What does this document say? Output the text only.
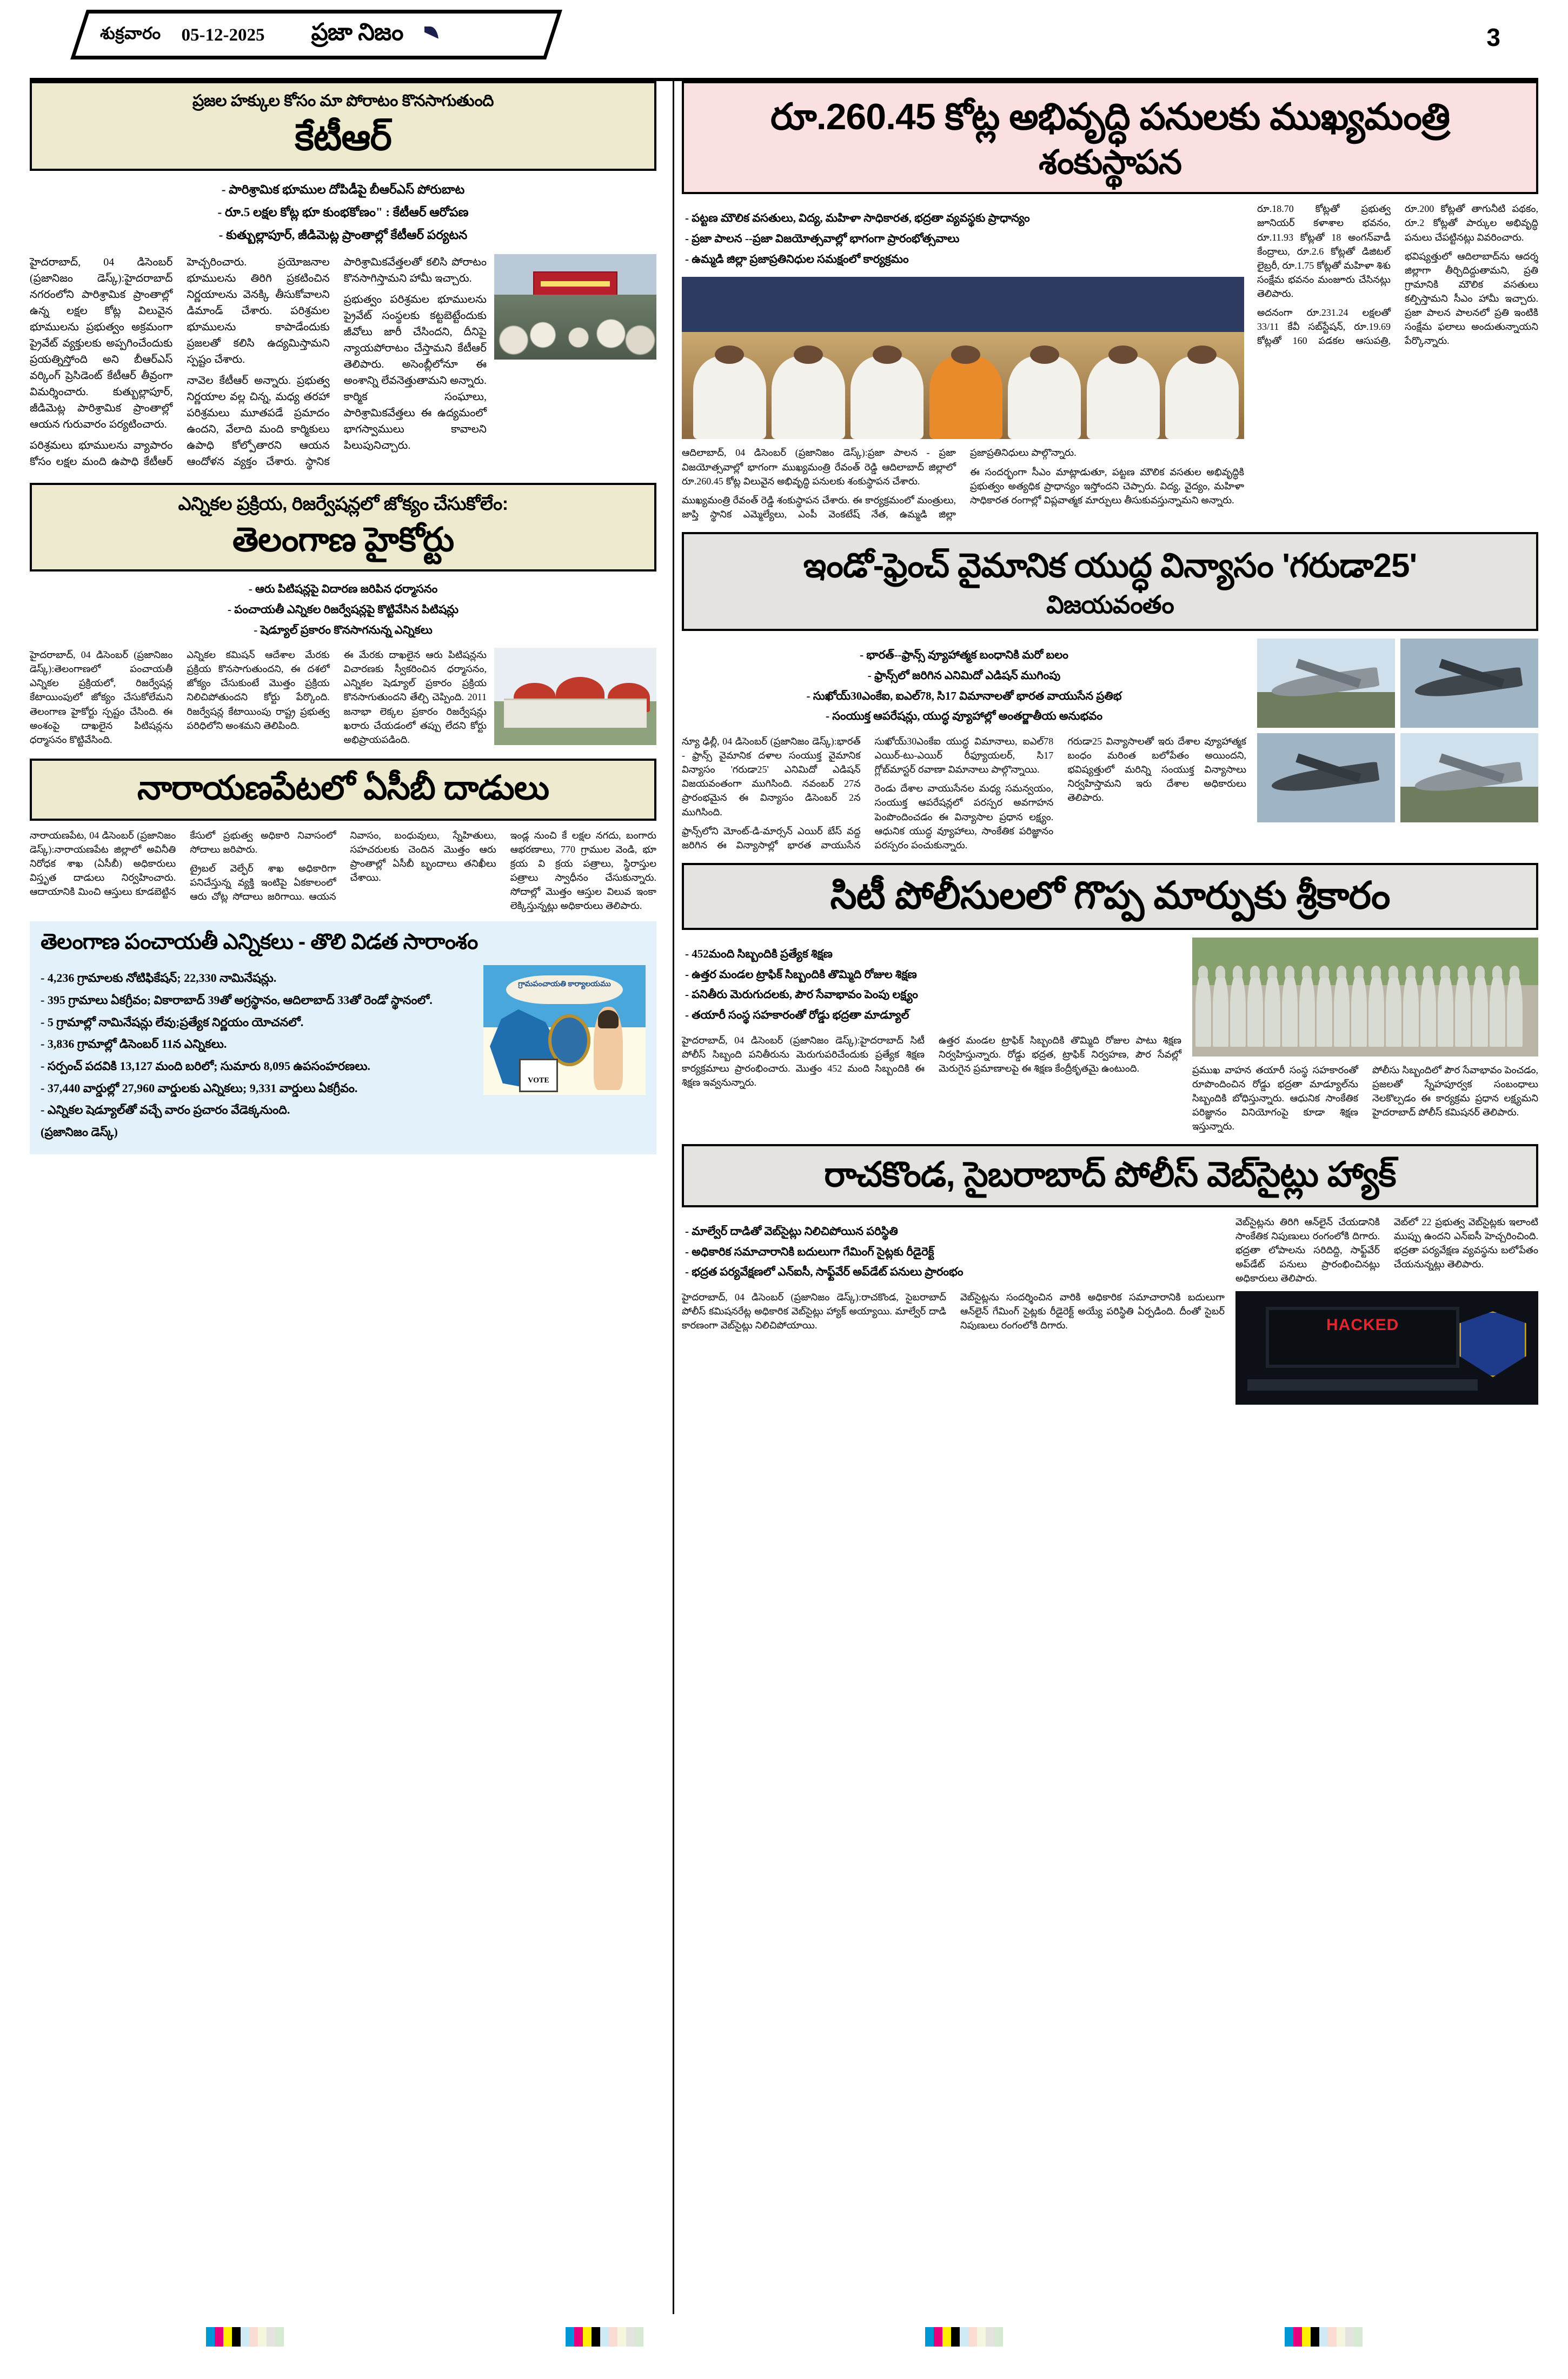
శుక్రవారం 05-12-2025 ప్రజా నిజం	3
ప్రజల హక్కుల కోసం మా పోరాటం కొనసాగుతుంది
కేటీఆర్
- పారిశ్రామిక భూముల దోపిడీపై బీఆర్‌ఎస్ పోరుబాట
- రూ.5 లక్షల కోట్ల భూ కుంభకోణం" : కేటీఆర్ ఆరోపణ
- కుత్బుల్లాపూర్, జీడిమెట్ల ప్రాంతాల్లో కేటీఆర్ పర్యటన

హైదరాబాద్, 04 డిసెంబర్ (ప్రజానిజం డెస్క్):హైదరాబాద్ నగరంలోని పారిశ్రామిక ప్రాంతాల్లో ఉన్న లక్షల కోట్ల విలువైన భూములను ప్రభుత్వం అక్రమంగా ప్రైవేట్ వ్యక్తులకు అప్పగించేందుకు ప్రయత్నిస్తోంది అని బీఆర్‌ఎస్ వర్కింగ్ ప్రెసిడెంట్ కేటీఆర్ తీవ్రంగా విమర్శించారు. కుత్బుల్లాపూర్, జీడిమెట్ల పారిశ్రామిక ప్రాంతాల్లో ఆయన గురువారం పర్యటించారు.

పరిశ్రమలు భూములను వ్యాపారం కోసం లక్షల మంది ఉపాధి కేటీఆర్ హెచ్చరించారు. ప్రయోజనాల భూములను తిరిగి ప్రకటించిన నిర్ణయాలను వెనక్కి తీసుకోవాలని డిమాండ్ చేశారు. పరిశ్రమల భూములను కాపాడేందుకు ప్రజలతో కలిసి ఉద్యమిస్తామని స్పష్టం చేశారు.

నావెల కేటీఆర్ అన్నారు. ప్రభుత్వ నిర్ణయాల వల్ల చిన్న, మధ్య తరహా పరిశ్రమలు మూతపడే ప్రమాదం ఉందని, వేలాది మంది కార్మికులు ఉపాధి కోల్పోతారని ఆయన ఆందోళన వ్యక్తం చేశారు. స్థానిక పారిశ్రామికవేత్తలతో కలిసి పోరాటం కొనసాగిస్తామని హామీ ఇచ్చారు.

ప్రభుత్వం పరిశ్రమల భూములను ప్రైవేట్ సంస్థలకు కట్టబెట్టేందుకు జీవోలు జారీ చేసిందని, దీనిపై న్యాయపోరాటం చేస్తామని కేటీఆర్ తెలిపారు. అసెంబ్లీలోనూ ఈ అంశాన్ని లేవనెత్తుతామని అన్నారు. కార్మిక సంఘాలు, పారిశ్రామికవేత్తలు ఈ ఉద్యమంలో భాగస్వాములు కావాలని పిలుపునిచ్చారు.

ఎన్నికల ప్రక్రియ, రిజర్వేషన్లలో జోక్యం చేసుకోలేం:
తెలంగాణ హైకోర్టు
- ఆరు పిటిషన్లపై విదారణ జరిపిన ధర్మాసనం
- పంచాయతీ ఎన్నికల రిజర్వేషన్లపై కొట్టివేసిన పిటిషన్లు
- షెడ్యూల్‌ ప్రకారం కొనసాగనున్న ఎన్నికలు

హైదరాబాద్, 04 డిసెంబర్ (ప్రజానిజం డెస్క్):తెలంగాణలో పంచాయతీ ఎన్నికల ప్రక్రియలో, రిజర్వేషన్ల కేటాయింపులో జోక్యం చేసుకోలేమని తెలంగాణ హైకోర్టు స్పష్టం చేసింది. ఈ అంశంపై దాఖలైన పిటిషన్లను ధర్మాసనం కొట్టివేసింది.

ఎన్నికల కమిషన్ ఆదేశాల మేరకు ప్రక్రియ కొనసాగుతుందని, ఈ దశలో జోక్యం చేసుకుంటే మొత్తం ప్రక్రియ నిలిచిపోతుందని కోర్టు పేర్కొంది. రిజర్వేషన్ల కేటాయింపు రాష్ట్ర ప్రభుత్వ పరిధిలోని అంశమని తెలిపింది.

ఈ మేరకు దాఖలైన ఆరు పిటిషన్లను విచారణకు స్వీకరించిన ధర్మాసనం, ఎన్నికల షెడ్యూల్ ప్రకారం ప్రక్రియ కొనసాగుతుందని తేల్చి చెప్పింది. 2011 జనాభా లెక్కల ప్రకారం రిజర్వేషన్లు ఖరారు చేయడంలో తప్పు లేదని కోర్టు అభిప్రాయపడింది.

నారాయణపేటలో ఏసీబీ దాడులు

నారాయణపేట, 04 డిసెంబర్ (ప్రజానిజం డెస్క్):నారాయణపేట జిల్లాలో అవినీతి నిరోధక శాఖ (ఏసీబీ) అధికారులు విస్తృత దాడులు నిర్వహించారు. ఆదాయానికి మించి ఆస్తులు కూడబెట్టిన కేసులో ప్రభుత్వ అధికారి నివాసంలో సోదాలు జరిపారు.

ట్రైబల్ వెల్ఫేర్ శాఖ అధికారిగా పనిచేస్తున్న వ్యక్తి ఇంటిపై ఏకకాలంలో ఆరు చోట్ల సోదాలు జరిగాయి. ఆయన నివాసం, బంధువులు, స్నేహితులు, సహచరులకు చెందిన మొత్తం ఆరు ప్రాంతాల్లో ఏసీబీ బృందాలు తనిఖీలు చేశాయి.

ఇండ్ల నుంచి కే లక్షల నగదు, బంగారు ఆభరణాలు, 770 గ్రాముల వెండి, భూ క్రయ వి క్రయ పత్రాలు, స్థిరాస్తుల పత్రాలు స్వాధీనం చేసుకున్నారు. సోదాల్లో మొత్తం ఆస్తుల విలువ ఇంకా లెక్కిస్తున్నట్లు అధికారులు తెలిపారు.

తెలంగాణ పంచాయతీ ఎన్నికలు - తొలి విడత సారాంశం
గ్రామపంచాయతి కార్యాలయము
VOTE
- 4,236 గ్రామాలకు నోటిఫికేషన్; 22,330 నామినేషన్లు.
- 395 గ్రామాలు ఏకగ్రీవం; వికారాబాద్ 39తో అగ్రస్థానం, ఆదిలాబాద్ 33తో రెండో స్థానంలో.
- 5 గ్రామాల్లో నామినేషన్లు లేవు;ప్రత్యేక నిర్ణయం యోచనలో.
- 3,836 గ్రామాల్లో డిసెంబర్ 11న ఎన్నికలు.
- సర్పంచ్ పదవికి 13,127 మంది బరిలో; సుమారు 8,095 ఉపసంహరణలు.
- 37,440 వార్డుల్లో 27,960 వార్డులకు ఎన్నికలు; 9,331 వార్డులు ఏకగ్రీవం.
- ఎన్నికల షెడ్యూల్‌తో వచ్చే వారం ప్రచారం వేడెక్కనుంది.
(ప్రజానిజం డెస్క్)
రూ.260.45 కోట్ల అభివృద్ధి పనులకు ముఖ్యమంత్రి
శంకుస్థాపన
- పట్టణ మౌలిక వసతులు, విద్య, మహిళా సాధికారత, భద్రతా వ్యవస్థకు ప్రాధాన్యం
- ప్రజా పాలన --ప్రజా విజయోత్సవాల్లో భాగంగా ప్రారంభోత్సవాలు
- ఉమ్మడి జిల్లా ప్రజాప్రతినిధుల సమక్షంలో కార్యక్రమం

ఆదిలాబాద్, 04 డిసెంబర్ (ప్రజానిజం డెస్క్):ప్రజా పాలన - ప్రజా విజయోత్సవాల్లో భాగంగా ముఖ్యమంత్రి రేవంత్ రెడ్డి ఆదిలాబాద్ జిల్లాలో రూ.260.45 కోట్ల విలువైన అభివృద్ధి పనులకు శంకుస్థాపన చేశారు.

ముఖ్యమంత్రి రేవంత్ రెడ్డి శంకుస్థాపన చేశారు. ఈ కార్యక్రమంలో మంత్రులు, జాప్తి స్థానిక ఎమ్మెల్యేలు, ఎంపీ వెంకటేష్ నేత, ఉమ్మడి జిల్లా ప్రజాప్రతినిధులు పాల్గొన్నారు.

ఈ సందర్భంగా సీఎం మాట్లాడుతూ, పట్టణ మౌలిక వసతుల అభివృద్ధికి ప్రభుత్వం అత్యధిక ప్రాధాన్యం ఇస్తోందని చెప్పారు. విద్య, వైద్యం, మహిళా సాధికారత రంగాల్లో విప్లవాత్మక మార్పులు తీసుకువస్తున్నామని అన్నారు.

రూ.18.70 కోట్లతో ప్రభుత్వ జూనియర్ కళాశాల భవనం, రూ.11.93 కోట్లతో 18 అంగన్‌వాడీ కేంద్రాలు, రూ.2.6 కోట్లతో డిజిటల్ లైబ్రరీ, రూ.1.75 కోట్లతో మహిళా శిశు సంక్షేమ భవనం మంజూరు చేసినట్లు తెలిపారు.

అదనంగా రూ.231.24 లక్షలతో 33/11 కేవీ సబ్‌స్టేషన్, రూ.19.69 కోట్లతో 160 పడకల ఆసుపత్రి, రూ.200 కోట్లతో తాగునీటి పథకం, రూ.2 కోట్లతో పార్కుల అభివృద్ధి పనులు చేపట్టినట్లు వివరించారు.

భవిష్యత్తులో ఆదిలాబాద్‌ను ఆదర్శ జిల్లాగా తీర్చిదిద్దుతామని, ప్రతి గ్రామానికి మౌలిక వసతులు కల్పిస్తామని సీఎం హామీ ఇచ్చారు. ప్రజా పాలన పాలనలో ప్రతి ఇంటికి సంక్షేమ ఫలాలు అందుతున్నాయని పేర్కొన్నారు.

ఇండో-ఫ్రెంచ్ వైమానిక యుద్ధ విన్యాసం 'గరుడా25'
విజయవంతం
- భారత్--ఫ్రాన్స్ వ్యూహాత్మక బంధానికి మరో బలం
- ఫ్రాన్స్‌లో జరిగిన ఎనిమిదో ఎడిషన్ ముగింపు
- సుఖోయ్30ఎంకేఐ, ఐఎల్78, సి17 విమానాలతో భారత వాయుసేన ప్రతిభ
- సంయుక్త ఆపరేషన్లు, యుద్ధ వ్యూహాల్లో అంతర్జాతీయ అనుభవం

న్యూ ఢిల్లీ, 04 డిసెంబర్ (ప్రజానిజం డెస్క్):భారత్ - ఫ్రాన్స్ వైమానిక దళాల సంయుక్త వైమానిక విన్యాసం 'గరుడా25' ఎనిమిదో ఎడిషన్ విజయవంతంగా ముగిసింది. నవంబర్ 27న ప్రారంభమైన ఈ విన్యాసం డిసెంబర్ 2న ముగిసింది.

ఫ్రాన్స్‌లోని మోంట్-డి-మార్సన్ ఎయిర్ బేస్ వద్ద జరిగిన ఈ విన్యాసాల్లో భారత వాయుసేన సుఖోయ్30ఎంకేఐ యుద్ధ విమానాలు, ఐఎల్78 ఎయిర్-టు-ఎయిర్ రీఫ్యూయలర్, సి17 గ్లోబ్‌మాస్టర్ రవాణా విమానాలు పాల్గొన్నాయి.

రెండు దేశాల వాయుసేనల మధ్య సమన్వయం, సంయుక్త ఆపరేషన్లలో పరస్పర అవగాహన పెంపొందించడం ఈ విన్యాసాల ప్రధాన లక్ష్యం. ఆధునిక యుద్ధ వ్యూహాలు, సాంకేతిక పరిజ్ఞానం పరస్పరం పంచుకున్నారు.

గరుడా25 విన్యాసాలతో ఇరు దేశాల వ్యూహాత్మక బంధం మరింత బలోపేతం అయిందని, భవిష్యత్తులో మరిన్ని సంయుక్త విన్యాసాలు నిర్వహిస్తామని ఇరు దేశాల అధికారులు తెలిపారు.

సిటీ పోలీసులలో గొప్ప మార్పుకు శ్రీకారం
- 452మంది సిబ్బందికి ప్రత్యేక శిక్షణ
- ఉత్తర మండల ట్రాఫిక్ సిబ్బందికి తొమ్మిది రోజుల శిక్షణ
- పనితీరు మెరుగుదలకు, పౌర సేవాభావం పెంపు లక్ష్యం
- తయారీ సంస్థ సహకారంతో రోడ్డు భద్రతా మాడ్యూల్

హైదరాబాద్, 04 డిసెంబర్ (ప్రజానిజం డెస్క్):హైదరాబాద్ సిటీ పోలీస్ సిబ్బంది పనితీరును మెరుగుపరిచేందుకు ప్రత్యేక శిక్షణ కార్యక్రమాలు ప్రారంభించారు. మొత్తం 452 మంది సిబ్బందికి ఈ శిక్షణ ఇవ్వనున్నారు.

ఉత్తర మండల ట్రాఫిక్ సిబ్బందికి తొమ్మిది రోజుల పాటు శిక్షణ నిర్వహిస్తున్నారు. రోడ్డు భద్రత, ట్రాఫిక్ నిర్వహణ, పౌర సేవల్లో మెరుగైన ప్రమాణాలపై ఈ శిక్షణ కేంద్రీకృతమై ఉంటుంది.	ప్రముఖ వాహన తయారీ సంస్థ సహకారంతో రూపొందించిన రోడ్డు భద్రతా మాడ్యూల్‌ను సిబ్బందికి బోధిస్తున్నారు. ఆధునిక సాంకేతిక పరిజ్ఞానం వినియోగంపై కూడా శిక్షణ ఇస్తున్నారు.

పోలీసు సిబ్బందిలో పౌర సేవాభావం పెంచడం, ప్రజలతో స్నేహపూర్వక సంబంధాలు నెలకొల్పడం ఈ కార్యక్రమ ప్రధాన లక్ష్యమని హైదరాబాద్ పోలీస్ కమిషనర్ తెలిపారు.

రాచకొండ, సైబరాబాద్ పోలీస్ వెబ్‌సైట్లు హ్యాక్
- మాల్వేర్ దాడితో వెబ్‌సైట్లు నిలిచిపోయిన పరిస్థితి
- అధికారిక సమాచారానికి బదులుగా గేమింగ్ సైట్లకు రీడైరెక్ట్
- భద్రత పర్యవేక్షణలో ఎన్ఐసీ, సాఫ్ట్‌వేర్ అప్‌డేట్ పనులు ప్రారంభం

హైదరాబాద్, 04 డిసెంబర్ (ప్రజానిజం డెస్క్):రాచకొండ, సైబరాబాద్ పోలీస్ కమిషనరేట్ల అధికారిక వెబ్‌సైట్లు హ్యాక్ అయ్యాయి. మాల్వేర్ దాడి కారణంగా వెబ్‌సైట్లు నిలిచిపోయాయి.

వెబ్‌సైట్లను సందర్శించిన వారికి అధికారిక సమాచారానికి బదులుగా ఆన్‌లైన్ గేమింగ్ సైట్లకు రీడైరెక్ట్ అయ్యే పరిస్థితి ఏర్పడింది. దీంతో సైబర్ నిపుణులు రంగంలోకి దిగారు.

వెబ్‌సైట్లను తిరిగి ఆన్‌లైన్ చేయడానికి సాంకేతిక నిపుణులు రంగంలోకి దిగారు. భద్రతా లోపాలను సరిదిద్ది, సాఫ్ట్‌వేర్ అప్‌డేట్ పనులు ప్రారంభించినట్లు అధికారులు తెలిపారు.

వెబ్‌లో 22 ప్రభుత్వ వెబ్‌సైట్లకు ఇలాంటి ముప్పు ఉందని ఎన్ఐసీ హెచ్చరించింది. భద్రతా పర్యవేక్షణ వ్యవస్థను బలోపేతం చేయనున్నట్లు తెలిపారు.

HACKED
